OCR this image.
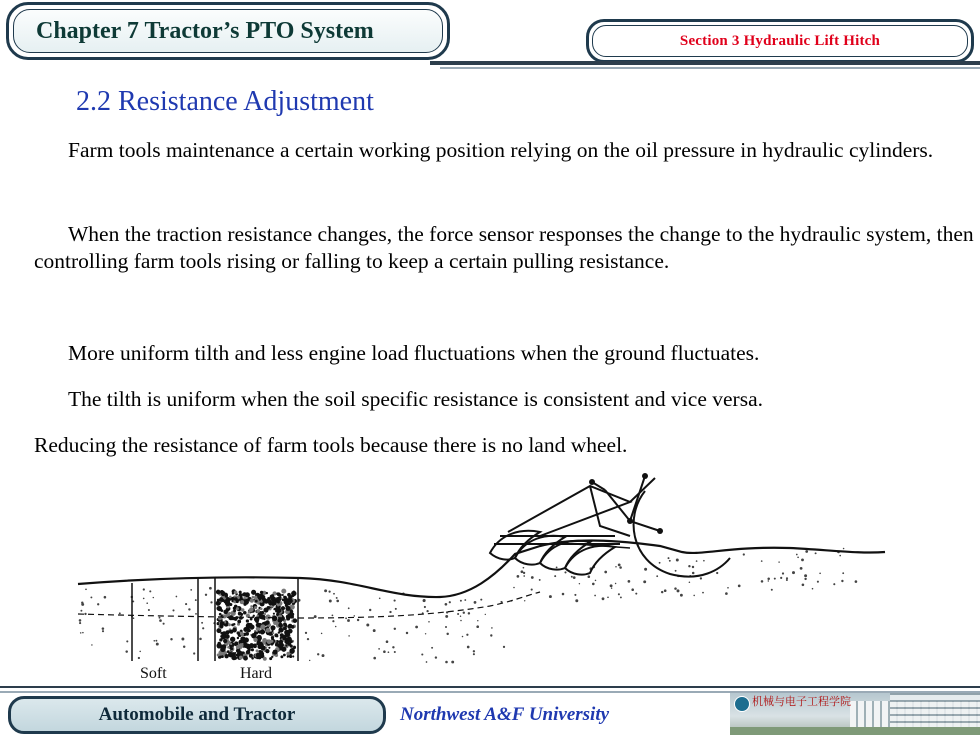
Chapter 7 Tractor’s PTO System	Section 3 Hydraulic Lift Hitch
2.2 Resistance Adjustment

Farm tools maintenance a certain working position relying on the oil pressure in hydraulic cylinders.

When the traction resistance changes, the force sensor responses the change to the hydraulic system, then controlling farm tools rising or falling to keep a certain pulling resistance.

More uniform tilth and less engine load fluctuations when the ground fluctuates.

The tilth is uniform when the soil specific resistance is consistent and vice versa.

Reducing the resistance of farm tools because there is no land wheel.

Soft	Hard
Automobile and Tractor	Northwest A&F University
机械与电子工程学院
